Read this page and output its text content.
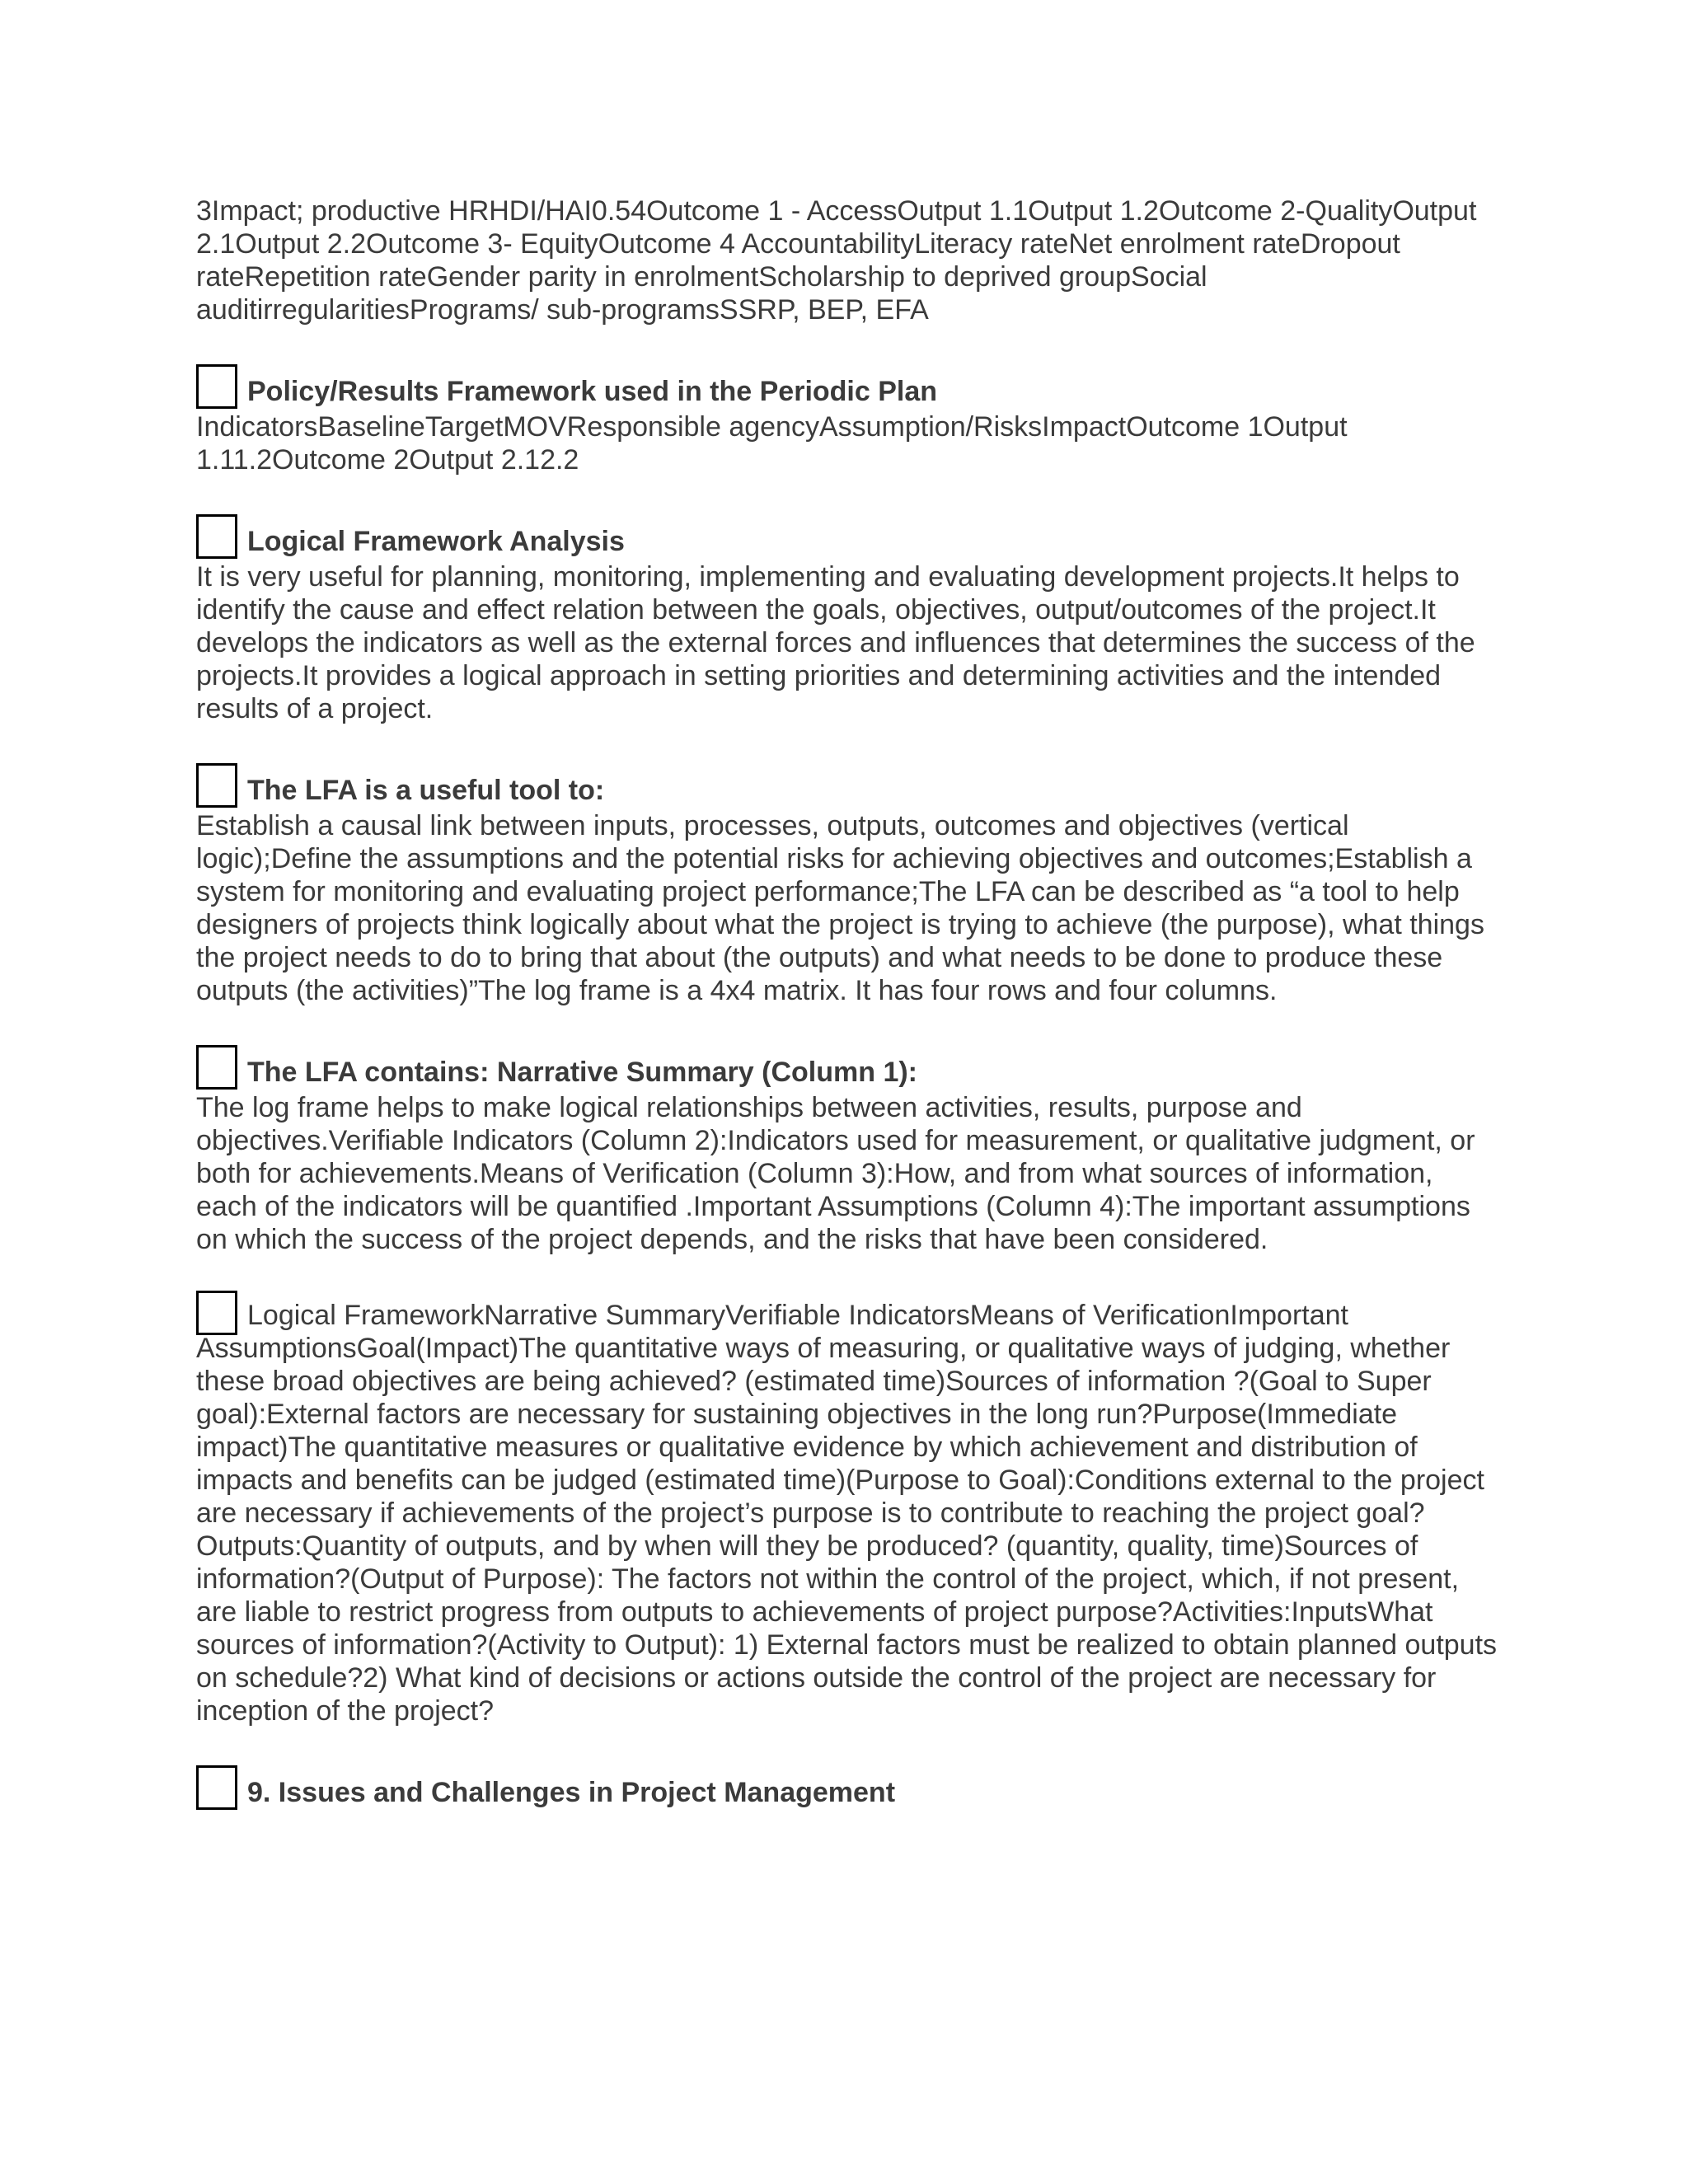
3Impact; productive HRHDI/HAI0.54Outcome 1 - AccessOutput 1.1Output 1.2Outcome 2-QualityOutput 2.1Output 2.2Outcome 3- EquityOutcome 4 AccountabilityLiteracy rateNet enrolment rateDropout rateRepetition rateGender parity in enrolmentScholarship to deprived groupSocial auditirregularitiesPrograms/ sub-programsSSRP, BEP, EFA

Policy/Results Framework used in the Periodic Plan

IndicatorsBaselineTargetMOVResponsible agencyAssumption/RisksImpactOutcome 1Output 1.11.2Outcome 2Output 2.12.2

Logical Framework Analysis

It is very useful for planning, monitoring, implementing and evaluating development projects.It helps to identify the cause and effect relation between the goals, objectives, output/outcomes of the project.It develops the indicators as well as the external forces and influences that determines the success of the projects.It provides a logical approach in setting priorities and determining activities and the intended results of a project.

The LFA is a useful tool to:

Establish a causal link between inputs, processes, outputs, outcomes and objectives (vertical logic);Define the assumptions and the potential risks for achieving objectives and outcomes;Establish a system for monitoring and evaluating project performance;The LFA can be described as “a tool to help designers of projects think logically about what the project is trying to achieve (the purpose), what things the project needs to do to bring that about (the outputs) and what needs to be done to produce these outputs (the activities)”The log frame is a 4x4 matrix. It has four rows and four columns.

The LFA contains: Narrative Summary (Column 1):

The log frame helps to make logical relationships between activities, results, purpose and objectives.Verifiable Indicators (Column 2):Indicators used for measurement, or qualitative judgment, or both for achievements.Means of Verification (Column 3):How, and from what sources of information, each of the indicators will be quantified .Important Assumptions (Column 4):The important assumptions on which the success of the project depends, and the risks that have been considered.

Logical FrameworkNarrative SummaryVerifiable IndicatorsMeans of VerificationImportant AssumptionsGoal(Impact)The quantitative ways of measuring, or qualitative ways of judging, whether these broad objectives are being achieved? (estimated time)Sources of information ?(Goal to Super goal):External factors are necessary for sustaining objectives in the long run?Purpose(Immediate impact)The quantitative measures or qualitative evidence by which achievement and distribution of impacts and benefits can be judged (estimated time)(Purpose to Goal):Conditions external to the project are necessary if achievements of the project’s purpose is to contribute to reaching the project goal?Outputs:Quantity of outputs, and by when will they be produced? (quantity, quality, time)Sources of information?(Output of Purpose): The factors not within the control of the project, which, if not present, are liable to restrict progress from outputs to achievements of project purpose?Activities:InputsWhat sources of information?(Activity to Output): 1) External factors must be realized to obtain planned outputs on schedule?2) What kind of decisions or actions outside the control of the project are necessary for inception of the project?

9. Issues and Challenges in Project Management
